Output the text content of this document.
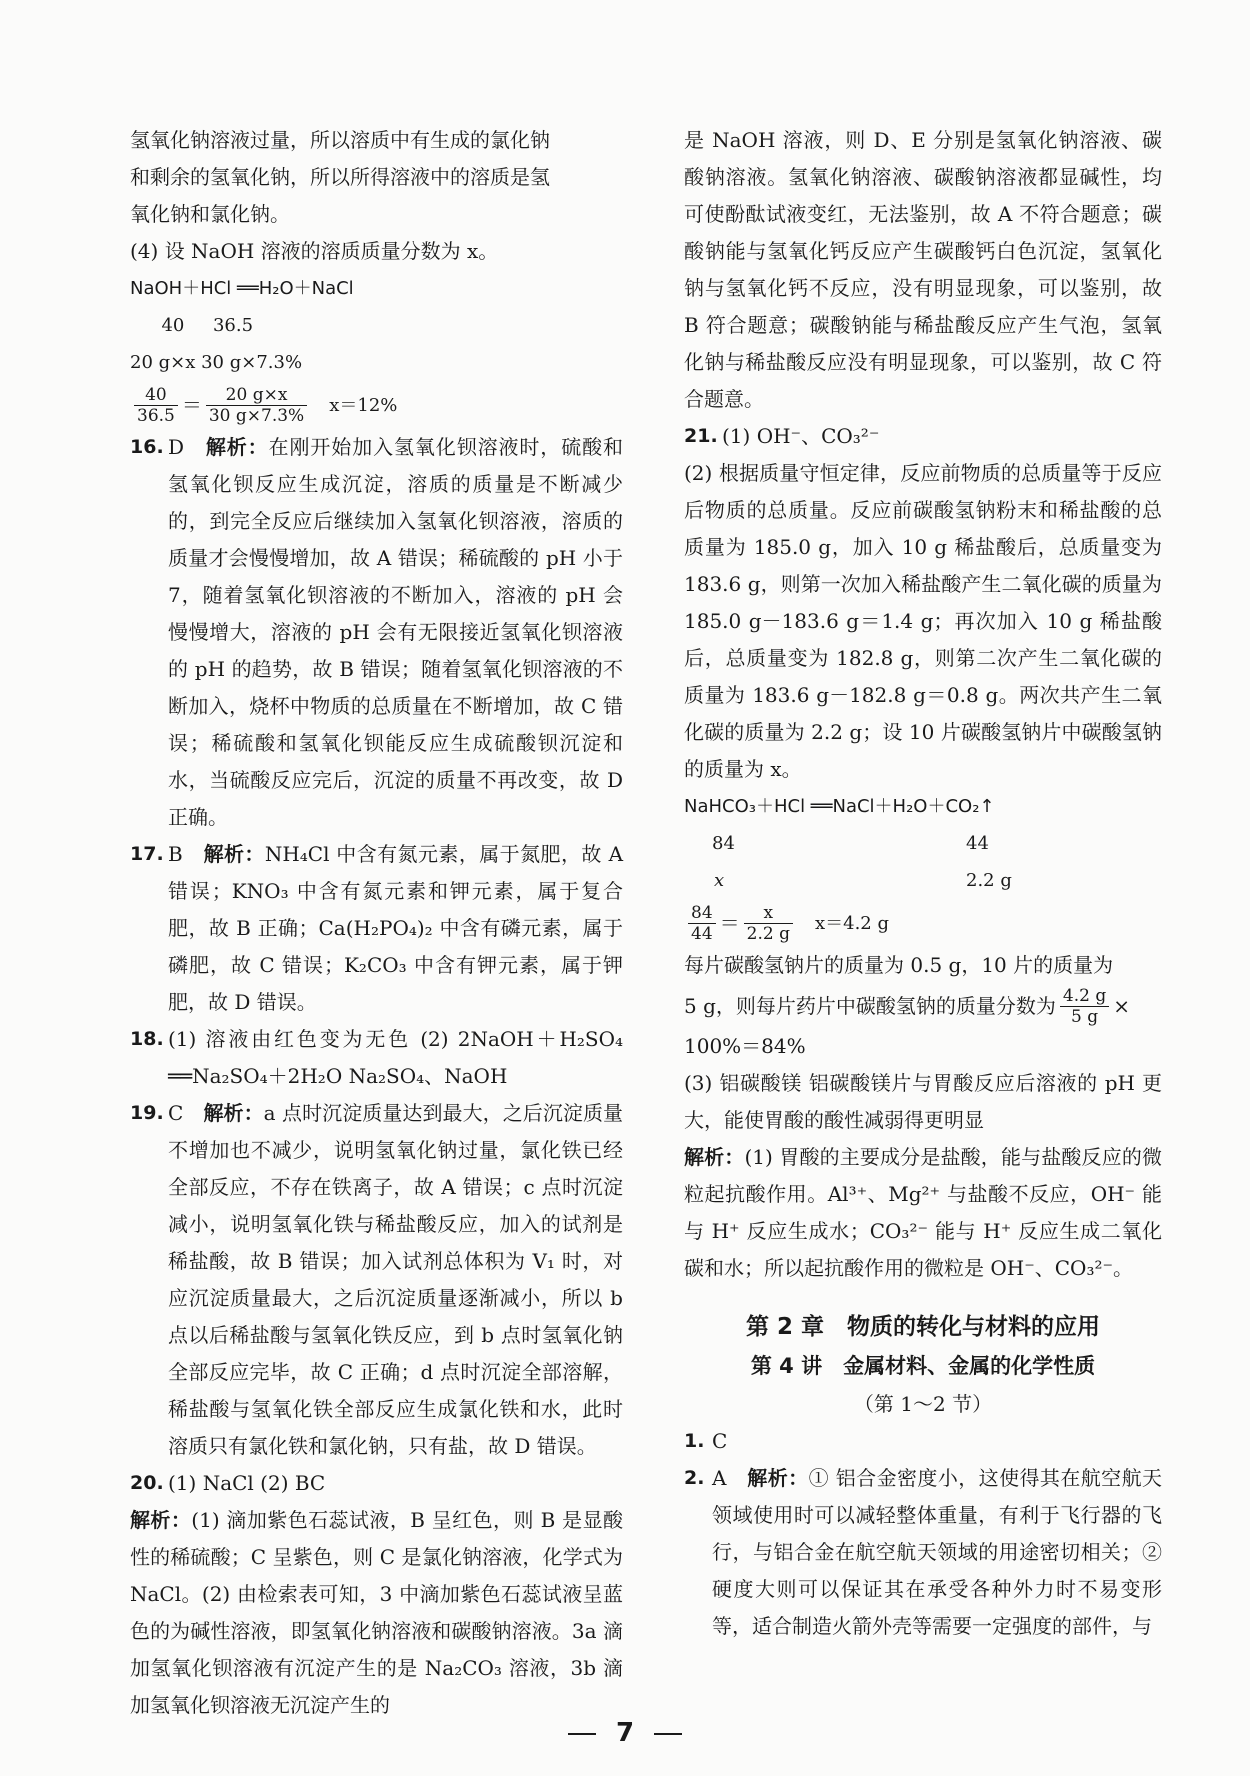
氢氧化钠溶液过量，所以溶质中有生成的氯化钠

和剩余的氢氧化钠，所以所得溶液中的溶质是氢

氧化钠和氯化钠。

(4) 设 NaOH 溶液的溶质质量分数为 x。

NaOH＋HCl ══H₂O＋NaCl

40     36.5

20 g×x 30 g×7.3%

$\frac{40}{36.5} = \frac{20 g\times x}{30 g\times 7.3\%} x=12\%$

16. D　 解析：在刚开始加入氢氧化钡溶液时，硫酸和氢氧化钡反应生成沉淀，溶质的质量是不断减少的，到完全反应后继续加入氢氧化钡溶液，溶质的质量才会慢慢增加，故 A 错误；稀硫酸的 pH 小于 7，随着氢氧化钡溶液的不断加入，溶液的 pH 会慢慢增大，溶液的 pH 会有无限接近氢氧化钡溶液的 pH 的趋势，故 B 错误；随着氢氧化钡溶液的不断加入，烧杯中物质的总质量在不断增加，故 C 错误；稀硫酸和氢氧化钡能反应生成硫酸钡沉淀和水，当硫酸反应完后，沉淀的质量不再改变，故 D 正确。
17. B　 解析：NH₄Cl 中含有氮元素，属于氮肥，故 A 错误；KNO₃ 中含有氮元素和钾元素，属于复合肥，故 B 正确；Ca(H₂PO₄)₂ 中含有磷元素，属于磷肥，故 C 错误；K₂CO₃ 中含有钾元素，属于钾肥，故 D 错误。
18. (1) 溶液由红色变为无色 (2) 2NaOH＋H₂SO₄ ══Na₂SO₄＋2H₂O Na₂SO₄、NaOH
19. C　 解析：a 点时沉淀质量达到最大，之后沉淀质量不增加也不减少，说明氢氧化钠过量，氯化铁已经全部反应，不存在铁离子，故 A 错误；c 点时沉淀减小，说明氢氧化铁与稀盐酸反应，加入的试剂是稀盐酸，故 B 错误；加入试剂总体积为 V₁ 时，对应沉淀质量最大，之后沉淀质量逐渐减小，所以 b 点以后稀盐酸与氢氧化铁反应，到 b 点时氢氧化钠全部反应完毕，故 C 正确；d 点时沉淀全部溶解，稀盐酸与氢氧化铁全部反应生成氯化铁和水，此时溶质只有氯化铁和氯化钠，只有盐，故 D 错误。
20. (1) NaCl (2) BC
解析：(1) 滴加紫色石蕊试液，B 呈红色，则 B 是显酸性的稀硫酸；C 呈紫色，则 C 是氯化钠溶液，化学式为 NaCl。(2) 由检索表可知，3 中滴加紫色石蕊试液呈蓝色的为碱性溶液，即氢氧化钠溶液和碳酸钠溶液。3a 滴加氢氧化钡溶液有沉淀产生的是 Na₂CO₃ 溶液，3b 滴加氢氧化钡溶液无沉淀产生的

是 NaOH 溶液，则 D、E 分别是氢氧化钠溶液、碳酸钠溶液。氢氧化钠溶液、碳酸钠溶液都显碱性，均可使酚酞试液变红，无法鉴别，故 A 不符合题意；碳酸钠能与氢氧化钙反应产生碳酸钙白色沉淀，氢氧化钠与氢氧化钙不反应，没有明显现象，可以鉴别，故 B 符合题意；碳酸钠能与稀盐酸反应产生气泡，氢氧化钠与稀盐酸反应没有明显现象，可以鉴别，故 C 符合题意。

21. (1) OH⁻、CO₃²⁻

(2) 根据质量守恒定律，反应前物质的总质量等于反应后物质的总质量。反应前碳酸氢钠粉末和稀盐酸的总质量为 185.0 g，加入 10 g 稀盐酸后，总质量变为 183.6 g，则第一次加入稀盐酸产生二氧化碳的质量为 185.0 g－183.6 g＝1.4 g；再次加入 10 g 稀盐酸后，总质量变为 182.8 g，则第二次产生二氧化碳的质量为 183.6 g－182.8 g＝0.8 g。两次共产生二氧化碳的质量为 2.2 g；设 10 片碳酸氢钠片中碳酸氢钠的质量为 x。

NaHCO₃＋HCl ══NaCl＋H₂O＋CO₂↑

84	44

x	2.2 g

$\frac{84}{44} = \frac{x}{2.2 g} x=4.2$ g

每片碳酸氢钠片的质量为 0.5 g，10 片的质量为

5 g，则每片药片中碳酸氢钠的质量分数为 $\frac{4.2 g}{5 g}$ ×

100%＝84%

(3) 铝碳酸镁 铝碳酸镁片与胃酸反应后溶液的 pH 更大，能使胃酸的酸性减弱得更明显

解析：(1) 胃酸的主要成分是盐酸，能与盐酸反应的微粒起抗酸作用。Al³⁺、Mg²⁺ 与盐酸不反应，OH⁻ 能与 H⁺ 反应生成水；CO₃²⁻ 能与 H⁺ 反应生成二氧化碳和水；所以起抗酸作用的微粒是 OH⁻、CO₃²⁻。

第 2 章　物质的转化与材料的应用
第 4 讲　金属材料、金属的化学性质
（第 1～2 节）
1. C
2. A　 解析：① 铝合金密度小，这使得其在航空航天领域使用时可以减轻整体重量，有利于飞行器的飞行，与铝合金在航空航天领域的用途密切相关；② 硬度大则可以保证其在承受各种外力时不易变形等，适合制造火箭外壳等需要一定强度的部件，与
7
